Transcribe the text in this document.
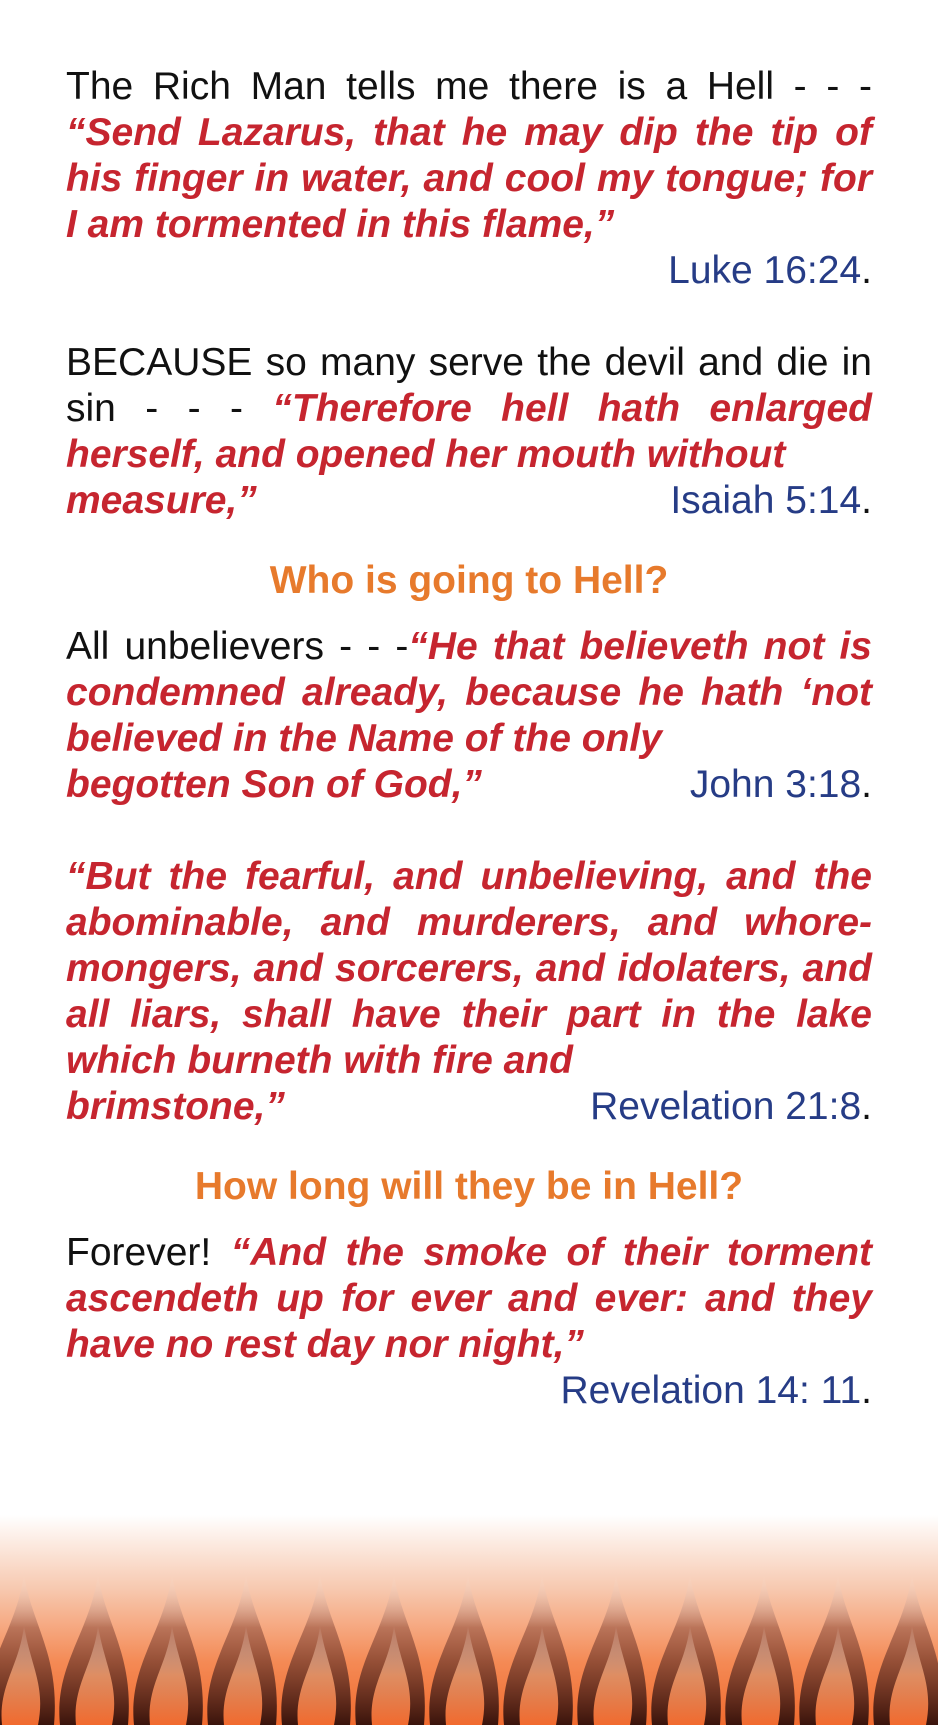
The Rich Man tells me there is a Hell - - - “Send Lazarus, that he may dip the tip of his finger in water, and cool my tongue; for I am tormented in this flame,”

Luke 16:24.

BECAUSE so many serve the devil and die in sin - - - “Therefore hell hath enlarged herself, and opened her mouth without

measure,”	Isaiah 5:14.
Who is going to Hell?

All unbelievers - - -“He that believeth not is condemned already, because he hath ‘not believed in the Name of the only

begotten Son of God,”	John 3:18.

“But the fearful, and unbelieving, and the abominable, and murderers, and whore-mongers, and sorcerers, and idolaters, and all liars, shall have their part in the lake which burneth with fire and

brimstone,”	Revelation 21:8.
How long will they be in Hell?

Forever! “And the smoke of their torment ascendeth up for ever and ever: and they have no rest day nor night,”

Revelation 14: 11.
